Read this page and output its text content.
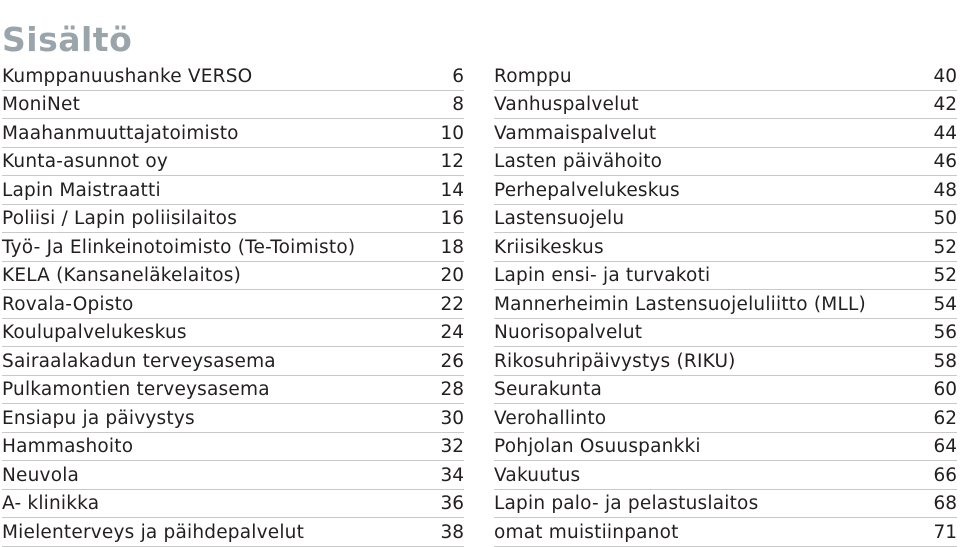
Sisältö
Kumppanuushanke VERSO	6
MoniNet	8
Maahanmuuttajatoimisto	10
Kunta-asunnot oy	12
Lapin Maistraatti	14
Poliisi / Lapin poliisilaitos	16
Työ- Ja Elinkeinotoimisto (Te-Toimisto)	18
KELA (Kansaneläkelaitos)	20
Rovala-Opisto	22
Koulupalvelukeskus	24
Sairaalakadun terveysasema	26
Pulkamontien terveysasema	28
Ensiapu ja päivystys	30
Hammashoito	32
Neuvola	34
A- klinikka	36
Mielenterveys ja päihdepalvelut	38
Romppu	40
Vanhuspalvelut	42
Vammaispalvelut	44
Lasten päivähoito	46
Perhepalvelukeskus	48
Lastensuojelu	50
Kriisikeskus	52
Lapin ensi- ja turvakoti	52
Mannerheimin Lastensuojeluliitto (MLL)	54
Nuorisopalvelut	56
Rikosuhripäivystys (RIKU)	58
Seurakunta	60
Verohallinto	62
Pohjolan Osuuspankki	64
Vakuutus	66
Lapin palo- ja pelastuslaitos	68
omat muistiinpanot	71
